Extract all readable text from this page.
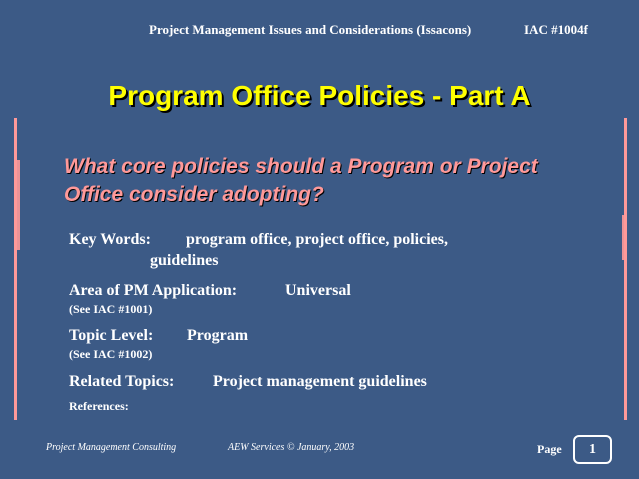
Project Management Issues and Considerations (Issacons)	IAC #1004f
Program Office Policies - Part A
What core policies should a Program or Project Office consider adopting?
Key Words: program office, project office, policies,
guidelines
Area of PM Application:	Universal
(See IAC #1001)
Topic Level: Program
(See IAC #1002)
Related Topics: Project management guidelines
References:
Project Management Consulting	AEW Services © January, 2003	Page	1
